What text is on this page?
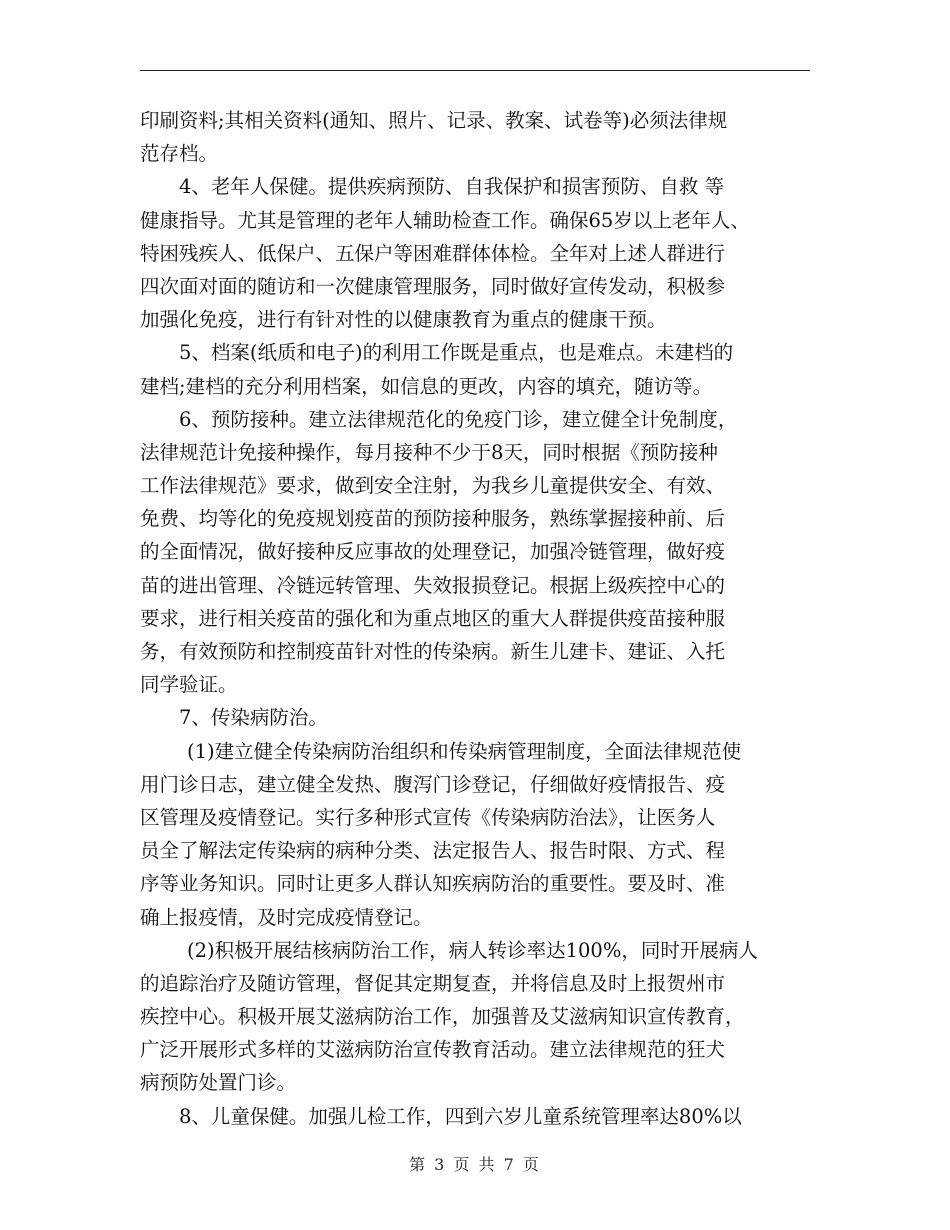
印刷资料;其相关资料(通知、照片、记录、教案、试卷等)必须法律规
范存档。
4、老年人保健。提供疾病预防、自我保护和损害预防、自救 等
健康指导。尤其是管理的老年人辅助检查工作。确保65岁以上老年人、
特困残疾人、低保户、五保户等困难群体体检。全年对上述人群进行
四次面对面的随访和一次健康管理服务，同时做好宣传发动，积极参
加强化免疫，进行有针对性的以健康教育为重点的健康干预。
5、档案(纸质和电子)的利用工作既是重点，也是难点。未建档的
建档;建档的充分利用档案，如信息的更改，内容的填充，随访等。
6、预防接种。建立法律规范化的免疫门诊，建立健全计免制度，
法律规范计免接种操作，每月接种不少于8天，同时根据《预防接种
工作法律规范》要求，做到安全注射，为我乡儿童提供安全、有效、
免费、均等化的免疫规划疫苗的预防接种服务，熟练掌握接种前、后
的全面情况，做好接种反应事故的处理登记，加强冷链管理，做好疫
苗的进出管理、冷链远转管理、失效报损登记。根据上级疾控中心的
要求，进行相关疫苗的强化和为重点地区的重大人群提供疫苗接种服
务，有效预防和控制疫苗针对性的传染病。新生儿建卡、建证、入托
同学验证。
7、传染病防治。
(1)建立健全传染病防治组织和传染病管理制度，全面法律规范使
用门诊日志，建立健全发热、腹泻门诊登记，仔细做好疫情报告、疫
区管理及疫情登记。实行多种形式宣传《传染病防治法》，让医务人
员全了解法定传染病的病种分类、法定报告人、报告时限、方式、程
序等业务知识。同时让更多人群认知疾病防治的重要性。要及时、准
确上报疫情，及时完成疫情登记。
(2)积极开展结核病防治工作，病人转诊率达100%，同时开展病人
的追踪治疗及随访管理，督促其定期复查，并将信息及时上报贺州市
疾控中心。积极开展艾滋病防治工作，加强普及艾滋病知识宣传教育，
广泛开展形式多样的艾滋病防治宣传教育活动。建立法律规范的狂犬
病预防处置门诊。
8、儿童保健。加强儿检工作，四到六岁儿童系统管理率达80%以
第 3 页 共 7 页
